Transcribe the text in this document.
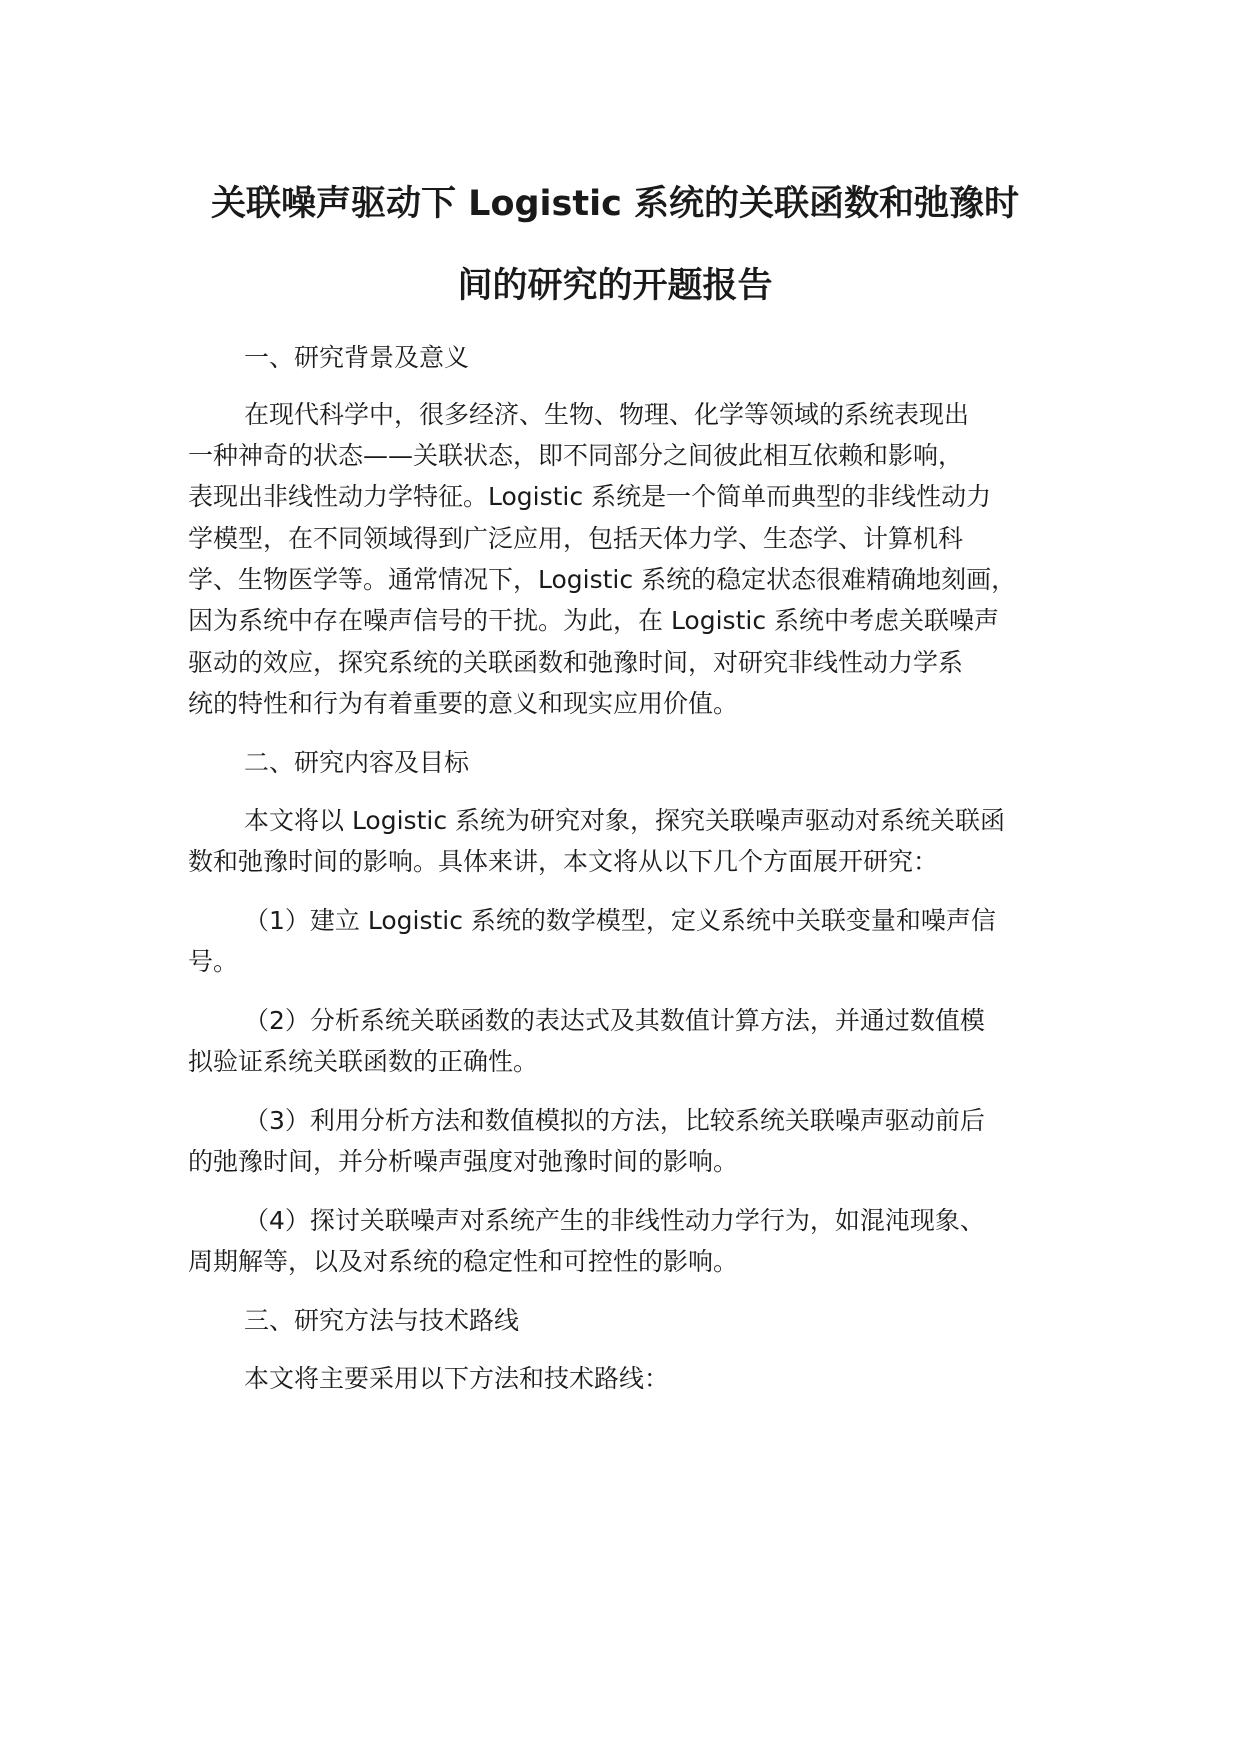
关联噪声驱动下 Logistic 系统的关联函数和弛豫时
间的研究的开题报告
一、研究背景及意义
在现代科学中，很多经济、生物、物理、化学等领域的系统表现出
一种神奇的状态——关联状态，即不同部分之间彼此相互依赖和影响，
表现出非线性动力学特征。Logistic 系统是一个简单而典型的非线性动力
学模型，在不同领域得到广泛应用，包括天体力学、生态学、计算机科
学、生物医学等。通常情况下，Logistic 系统的稳定状态很难精确地刻画，
因为系统中存在噪声信号的干扰。为此，在 Logistic 系统中考虑关联噪声
驱动的效应，探究系统的关联函数和弛豫时间，对研究非线性动力学系
统的特性和行为有着重要的意义和现实应用价值。
二、研究内容及目标
本文将以 Logistic 系统为研究对象，探究关联噪声驱动对系统关联函
数和弛豫时间的影响。具体来讲，本文将从以下几个方面展开研究：
（1）建立 Logistic 系统的数学模型，定义系统中关联变量和噪声信
号。
（2）分析系统关联函数的表达式及其数值计算方法，并通过数值模
拟验证系统关联函数的正确性。
（3）利用分析方法和数值模拟的方法，比较系统关联噪声驱动前后
的弛豫时间，并分析噪声强度对弛豫时间的影响。
（4）探讨关联噪声对系统产生的非线性动力学行为，如混沌现象、
周期解等，以及对系统的稳定性和可控性的影响。
三、研究方法与技术路线
本文将主要采用以下方法和技术路线：
